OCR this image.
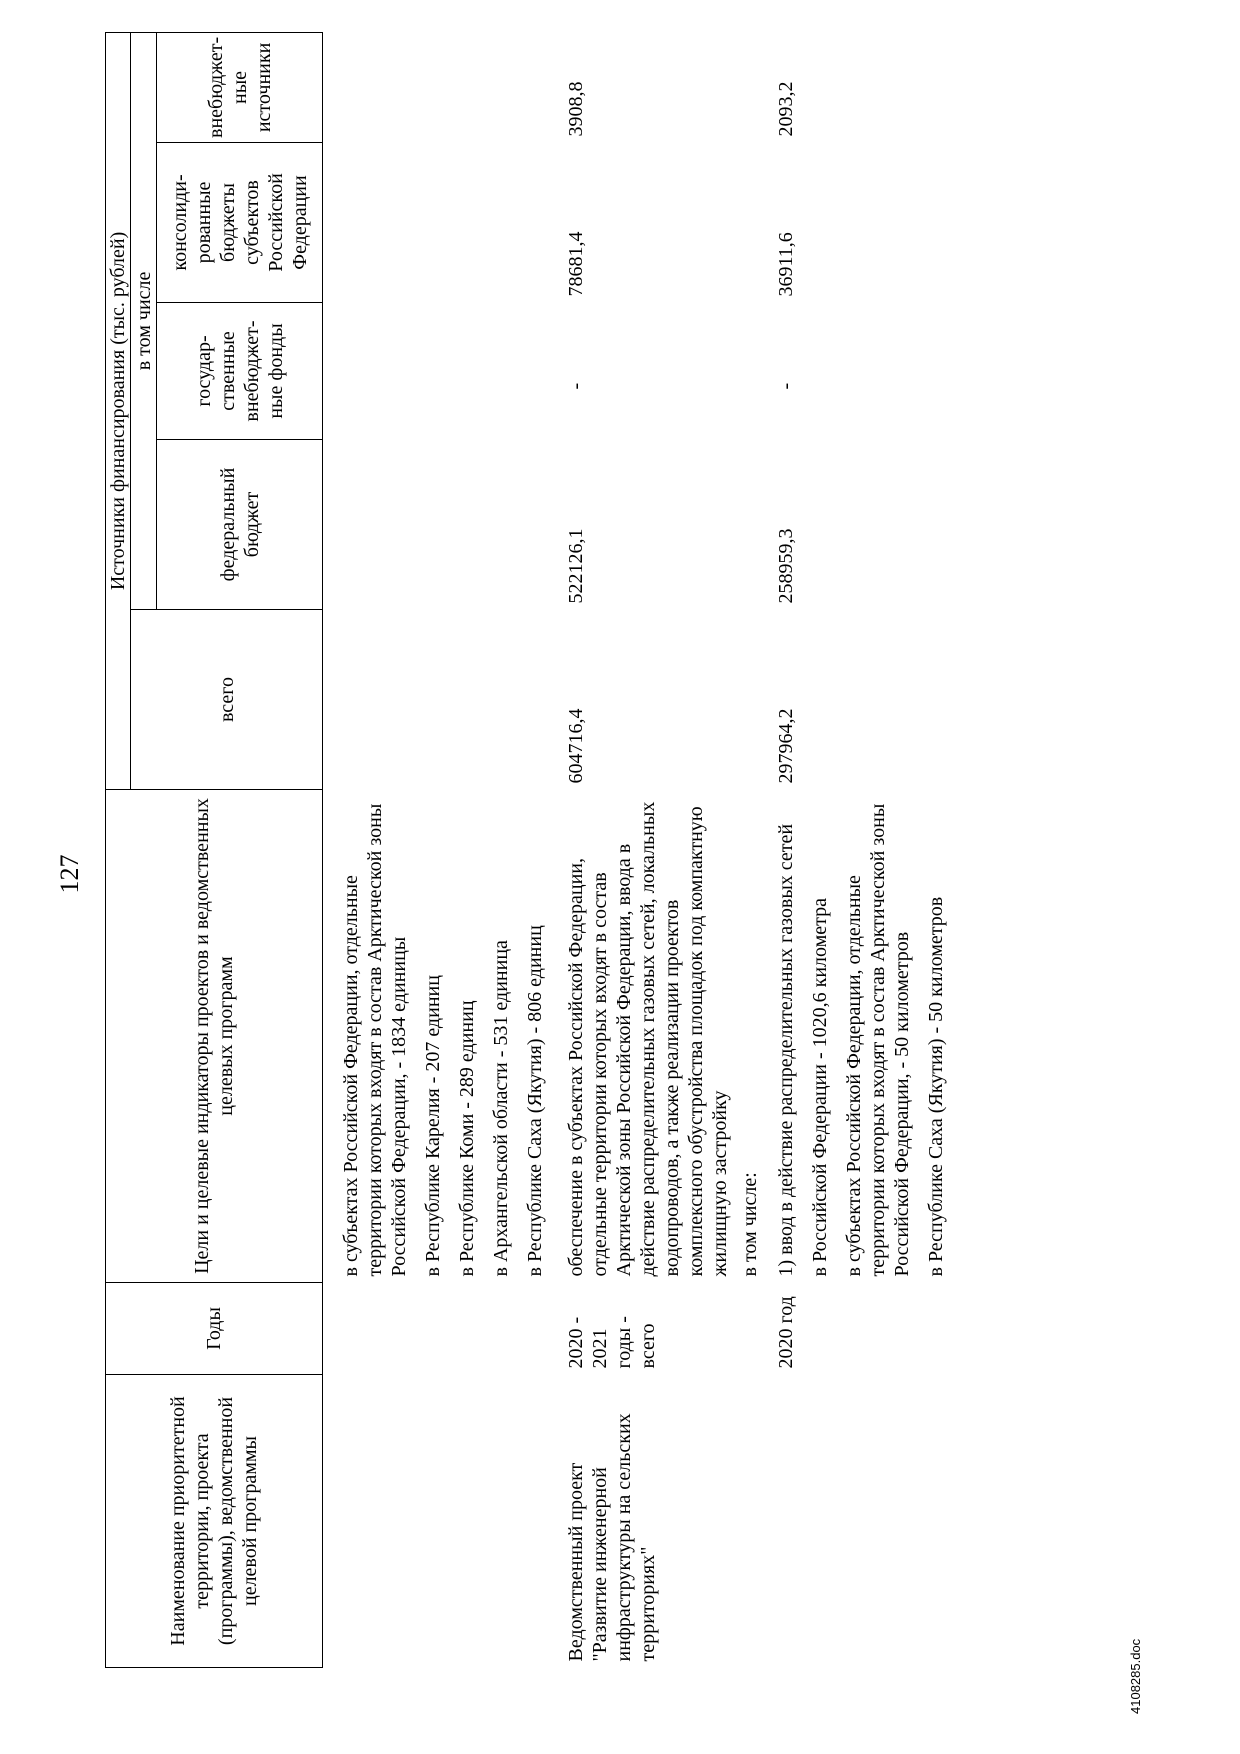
127
Наименование приоритетной территории, проекта (программы), ведомственной целевой программы	Годы	Цели и целевые индикаторы проектов и ведомственных целевых программ	Источники финансирования (тыс. рублей)				
			всего	в том числе			
				федеральный бюджет	государ-ственные внебюджет-ные фонды	консолиди-рованные бюджеты субъектов Российской Федерации	внебюджет-ные источники

		в субъектах Российской Федерации, отдельные территории которых входят в состав Арктической зоны Российской Федерации, - 1834 единицы в Республике Карелия - 207 единиц в Республике Коми - 289 единиц в Архангельской области - 531 единица в Республике Саха (Якутия) - 806 единиц					

Ведомственный проект "Развитие инженерной инфраструктуры на сельских территориях"	2020 - 2021 годы - всего	обеспечение в субъектах Российской Федерации, отдельные территории которых входят в состав Арктической зоны Российской Федерации, ввода в действие распределительных газовых сетей, локальных водопроводов, а также реализации проектов комплексного обустройства площадок под компактную жилищную застройку в том числе:	604716,4	522126,1	-	78681,4	3908,8
	2020 год	1) ввод в действие распределительных газовых сетей в Российской Федерации - 1020,6 километра в субъектах Российской Федерации, отдельные территории которых входят в состав Арктической зоны Российской Федерации, - 50 километров в Республике Саха (Якутия) - 50 километров	297964,2	258959,3	-	36911,6	2093,2
4108285.doc
